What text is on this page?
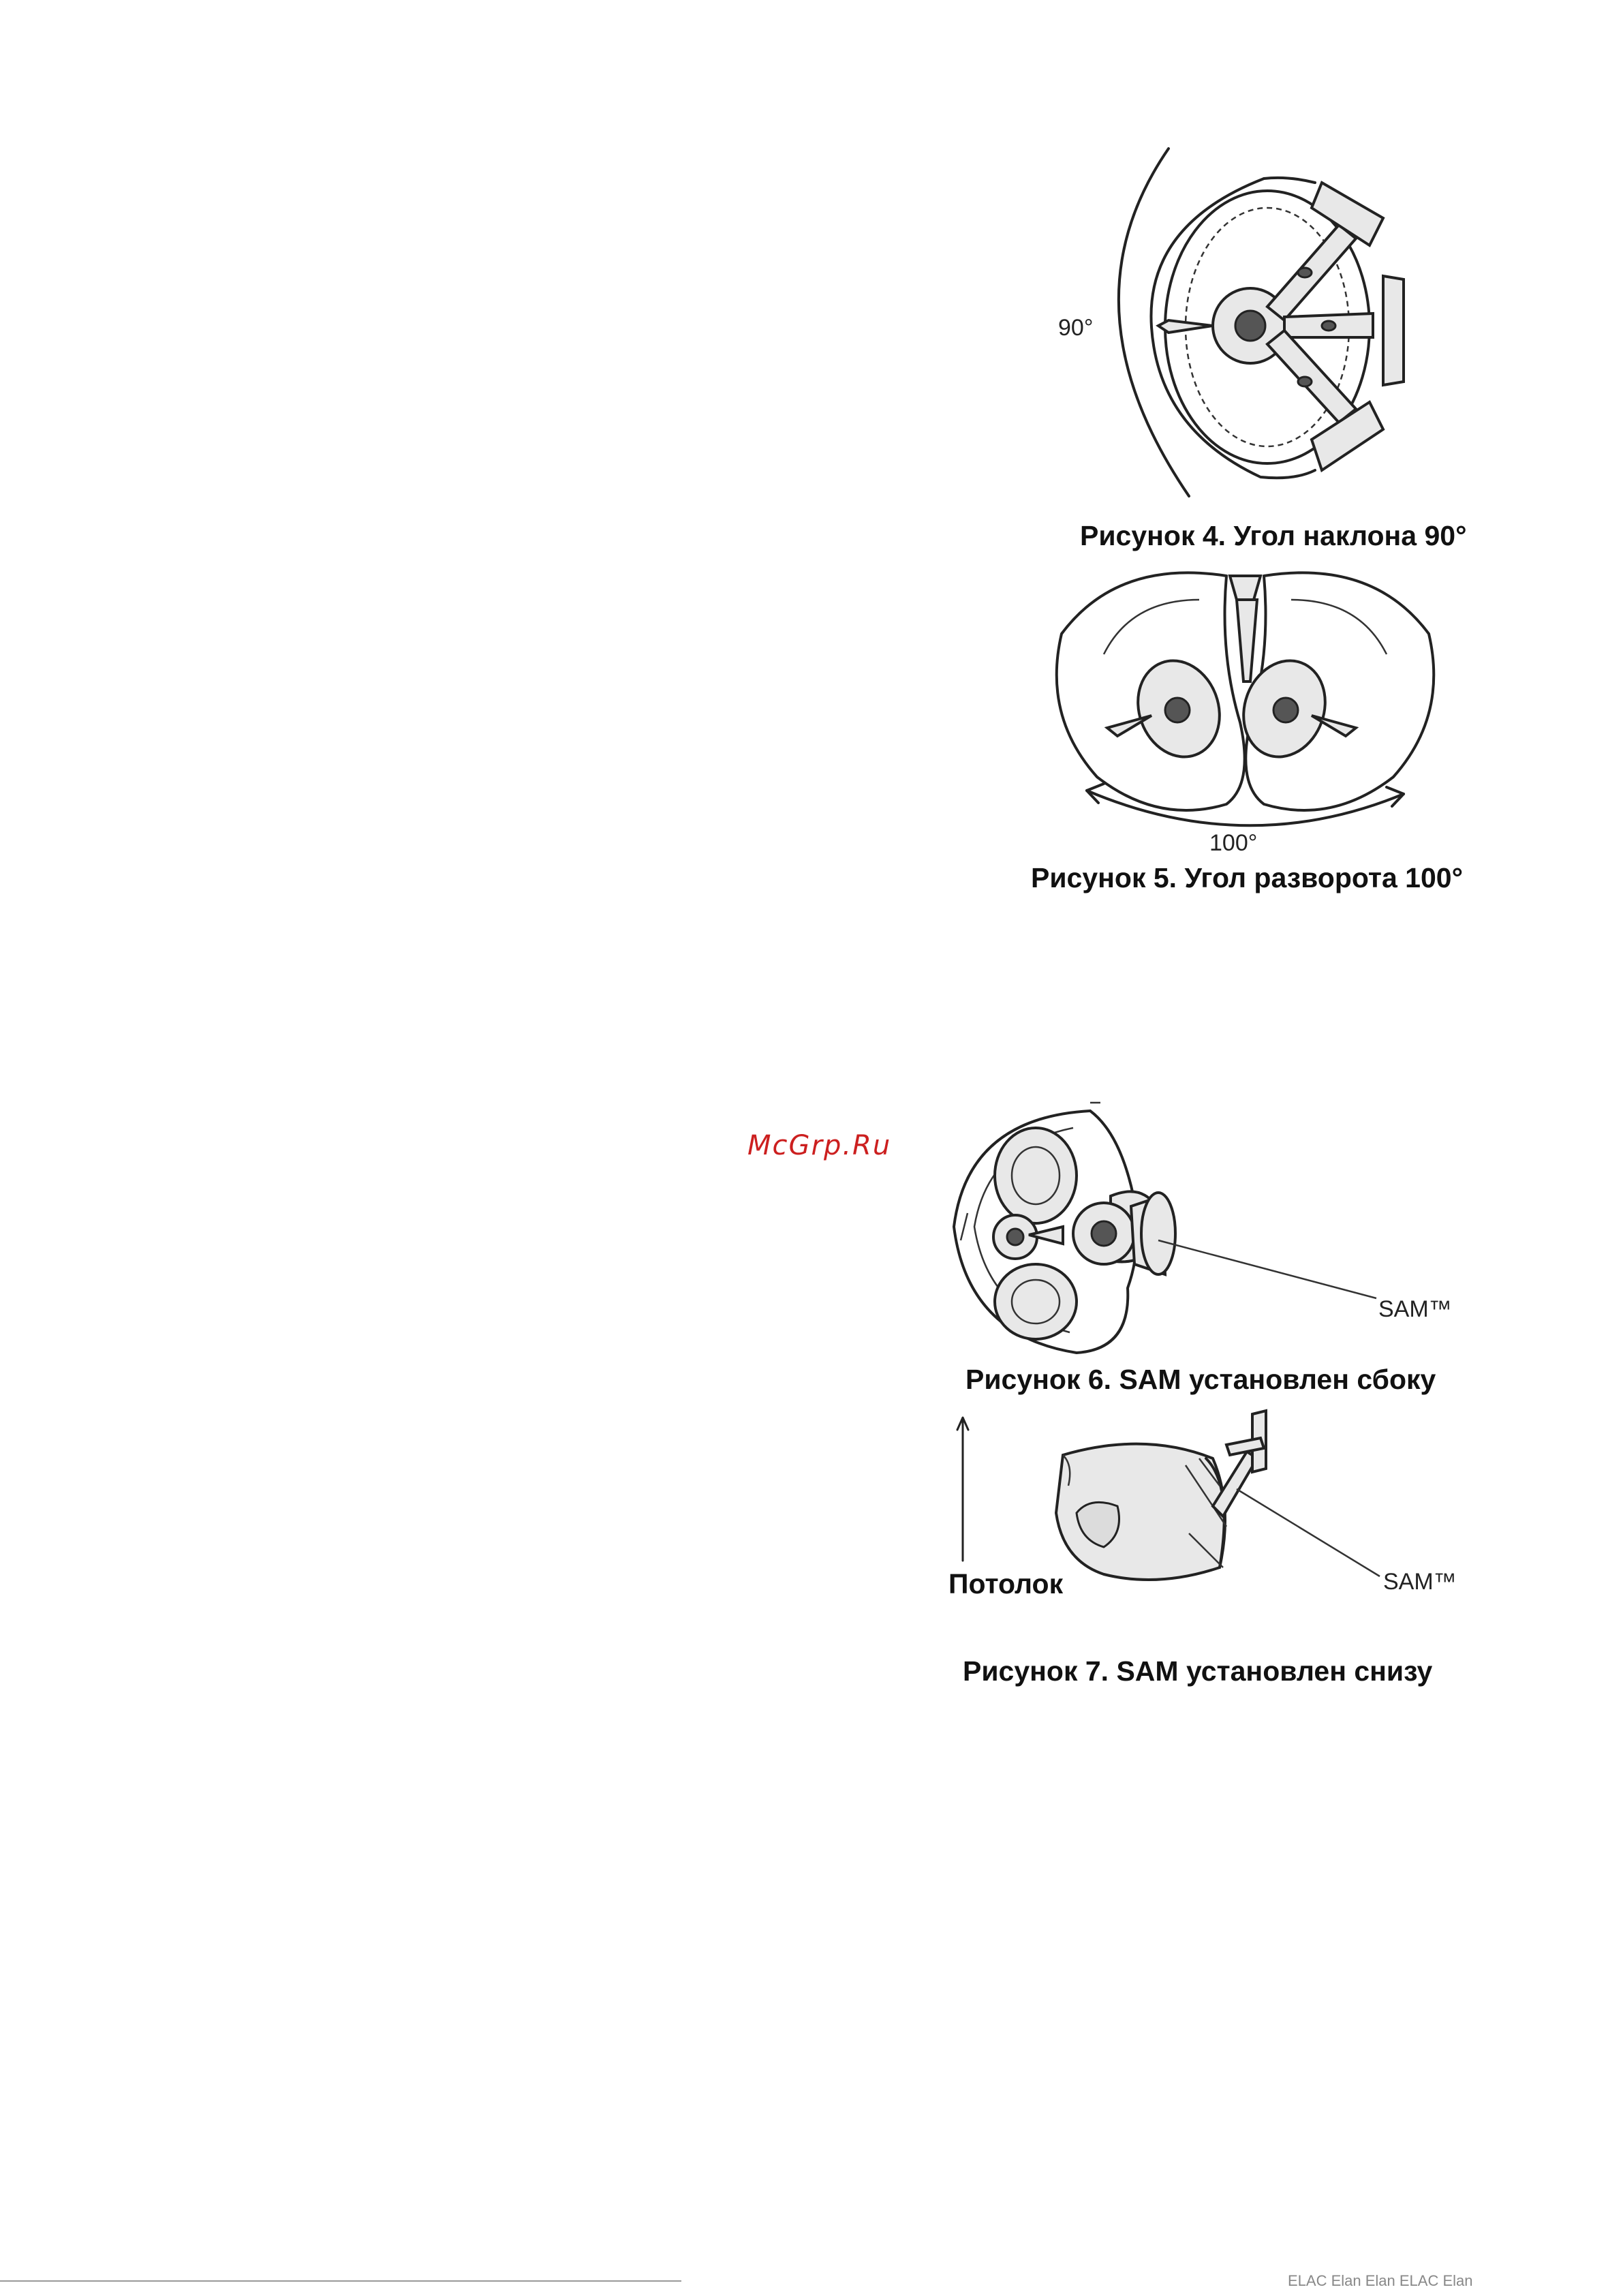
90°
Рисунок 4. Угол наклона 90°
100°
Рисунок 5. Угол разворота 100°
McGrp.Ru
SAM™
Рисунок 6. SAM установлен сбоку
SAM™
Потолок
Рисунок 7. SAM установлен снизу
ELAC Elan Elan ELAC Elan
